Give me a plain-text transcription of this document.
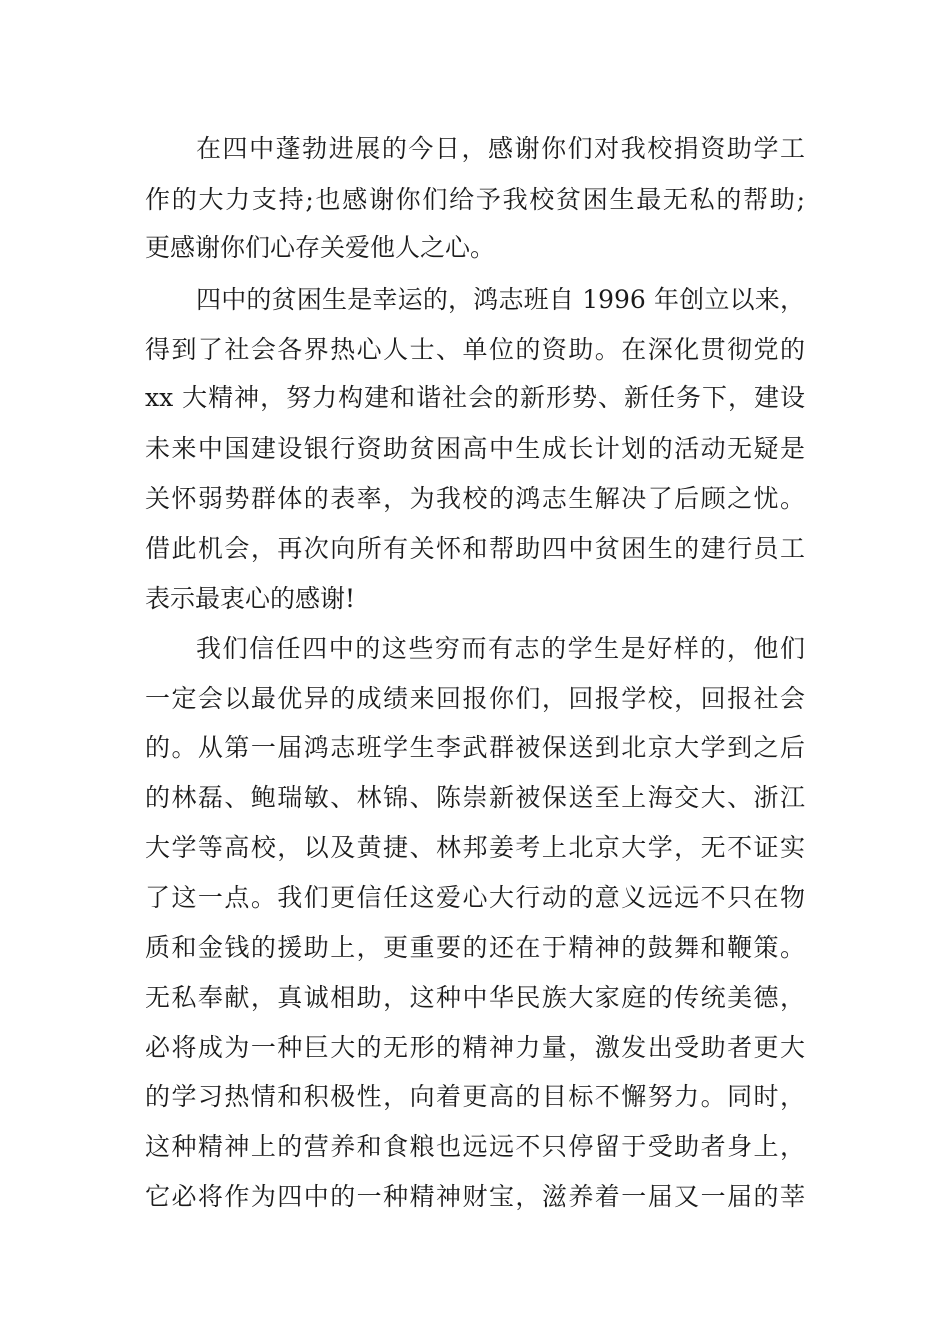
在四中蓬勃进展的今日，感谢你们对我校捐资助学工
作的大力支持;也感谢你们给予我校贫困生最无私的帮助;
更感谢你们心存关爱他人之心。
四中的贫困生是幸运的，鸿志班自 1996 年创立以来，
得到了社会各界热心人士、单位的资助。在深化贯彻党的
xx 大精神，努力构建和谐社会的新形势、新任务下，建设
未来中国建设银行资助贫困高中生成长计划的活动无疑是
关怀弱势群体的表率，为我校的鸿志生解决了后顾之忧。
借此机会，再次向所有关怀和帮助四中贫困生的建行员工
表示最衷心的感谢!
我们信任四中的这些穷而有志的学生是好样的，他们
一定会以最优异的成绩来回报你们，回报学校，回报社会
的。从第一届鸿志班学生李武群被保送到北京大学到之后
的林磊、鲍瑞敏、林锦、陈崇新被保送至上海交大、浙江
大学等高校，以及黄捷、林邦姜考上北京大学，无不证实
了这一点。我们更信任这爱心大行动的意义远远不只在物
质和金钱的援助上，更重要的还在于精神的鼓舞和鞭策。
无私奉献，真诚相助，这种中华民族大家庭的传统美德，
必将成为一种巨大的无形的精神力量，激发出受助者更大
的学习热情和积极性，向着更高的目标不懈努力。同时，
这种精神上的营养和食粮也远远不只停留于受助者身上，
它必将作为四中的一种精神财宝，滋养着一届又一届的莘
